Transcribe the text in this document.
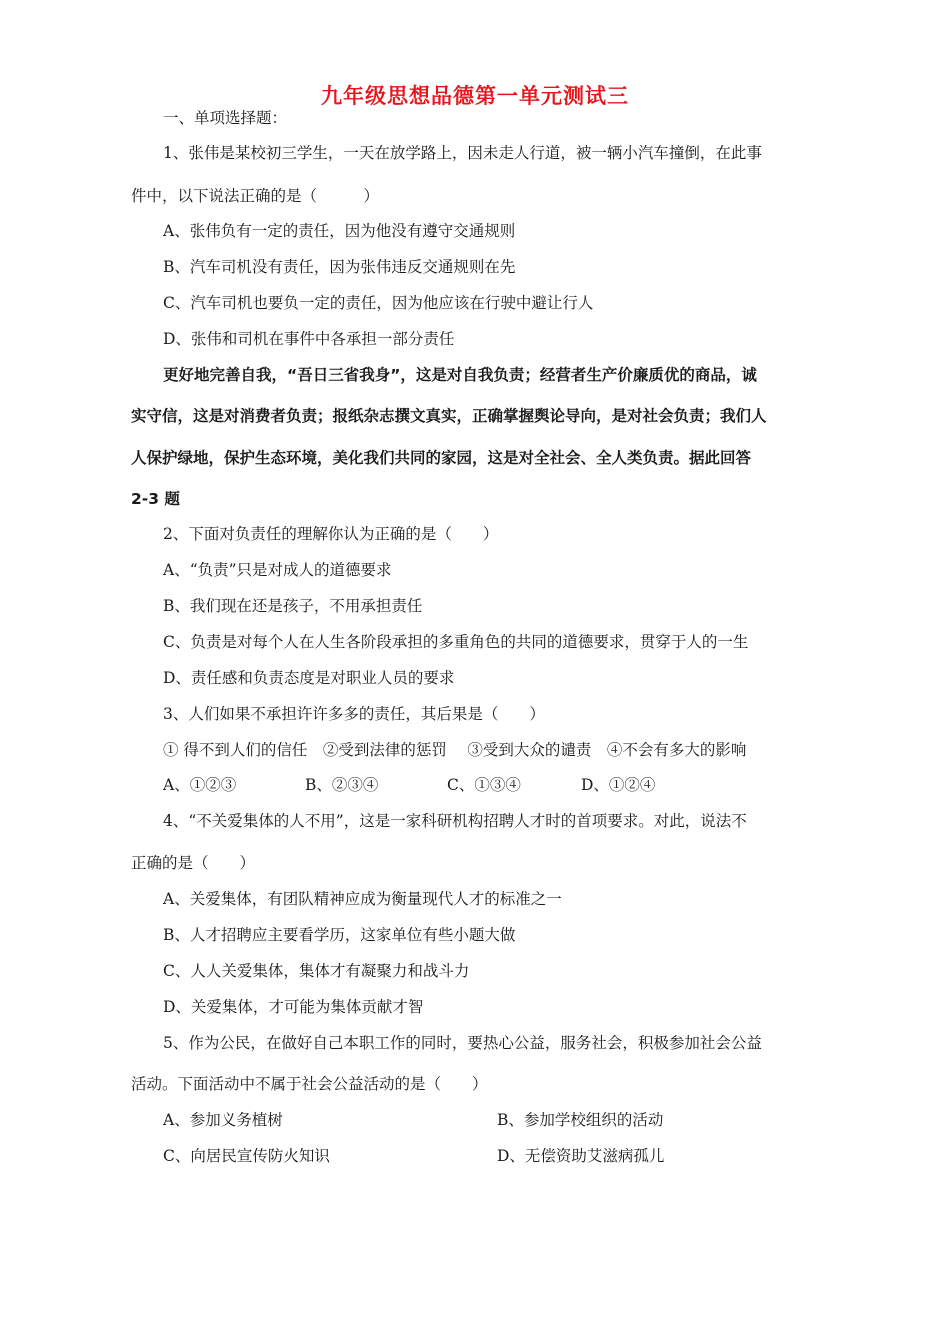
九年级思想品德第一单元测试三
一、单项选择题：
1、张伟是某校初三学生，一天在放学路上，因未走人行道，被一辆小汽车撞倒，在此事
件中，以下说法正确的是（　　　）
A、张伟负有一定的责任，因为他没有遵守交通规则
B、汽车司机没有责任，因为张伟违反交通规则在先
C、汽车司机也要负一定的责任，因为他应该在行驶中避让行人
D、张伟和司机在事件中各承担一部分责任
更好地完善自我，“吾日三省我身”，这是对自我负责；经营者生产价廉质优的商品，诚
实守信，这是对消费者负责；报纸杂志撰文真实，正确掌握舆论导向，是对社会负责；我们人
人保护绿地，保护生态环境，美化我们共同的家园，这是对全社会、全人类负责。据此回答
2-3 题
2、下面对负责任的理解你认为正确的是（　　）
A、“负责”只是对成人的道德要求
B、我们现在还是孩子，不用承担责任
C、负责是对每个人在人生各阶段承担的多重角色的共同的道德要求，贯穿于人的一生
D、责任感和负责态度是对职业人员的要求
3、人们如果不承担许许多多的责任，其后果是（　　）
① 得不到人们的信任　②受到法律的惩罚　 ③受到大众的谴责　④不会有多大的影响
A、①②③	B、②③④	C、①③④	D、①②④
4、“不关爱集体的人不用”，这是一家科研机构招聘人才时的首项要求。对此，说法不
正确的是（　　）
A、关爱集体，有团队精神应成为衡量现代人才的标准之一
B、人才招聘应主要看学历，这家单位有些小题大做
C、人人关爱集体，集体才有凝聚力和战斗力
D、关爱集体，才可能为集体贡献才智
5、作为公民，在做好自己本职工作的同时，要热心公益，服务社会，积极参加社会公益
活动。下面活动中不属于社会公益活动的是（　　）
A、参加义务植树	B、参加学校组织的活动
C、向居民宣传防火知识	D、无偿资助艾滋病孤儿
